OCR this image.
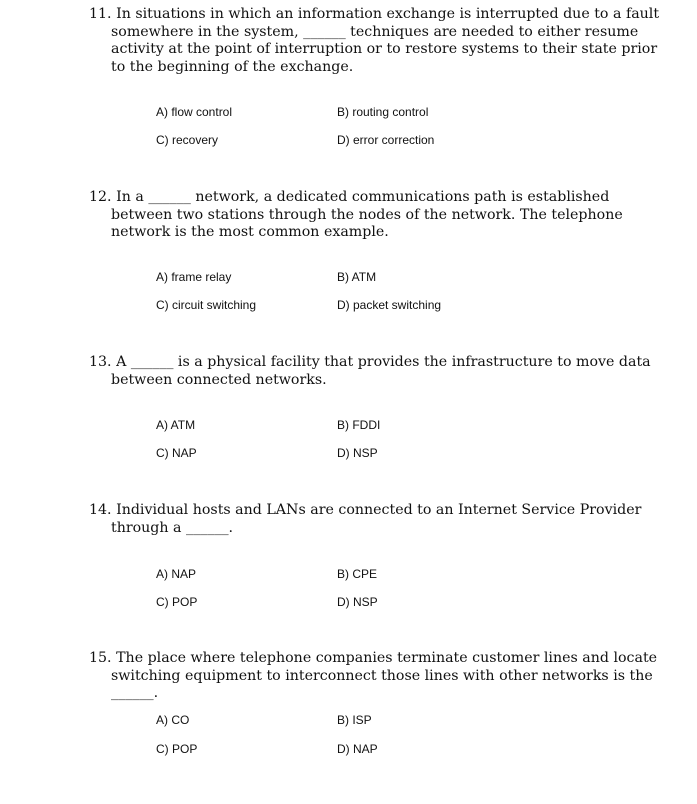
11. In situations in which an information exchange is interrupted due to a fault somewhere in the system, ______ techniques are needed to either resume activity at the point of interruption or to restore systems to their state prior to the beginning of the exchange.

A) flow control	B) routing control
C) recovery	D) error correction

12. In a ______ network, a dedicated communications path is established between two stations through the nodes of the network. The telephone network is the most common example.

A) frame relay	B) ATM
C) circuit switching	D) packet switching

13. A ______ is a physical facility that provides the infrastructure to move data between connected networks.

A) ATM	B) FDDI
C) NAP	D) NSP

14. Individual hosts and LANs are connected to an Internet Service Provider through a ______.

A) NAP	B) CPE
C) POP	D) NSP

15. The place where telephone companies terminate customer lines and locate switching equipment to interconnect those lines with other networks is the ______.

A) CO	B) ISP
C) POP	D) NAP
